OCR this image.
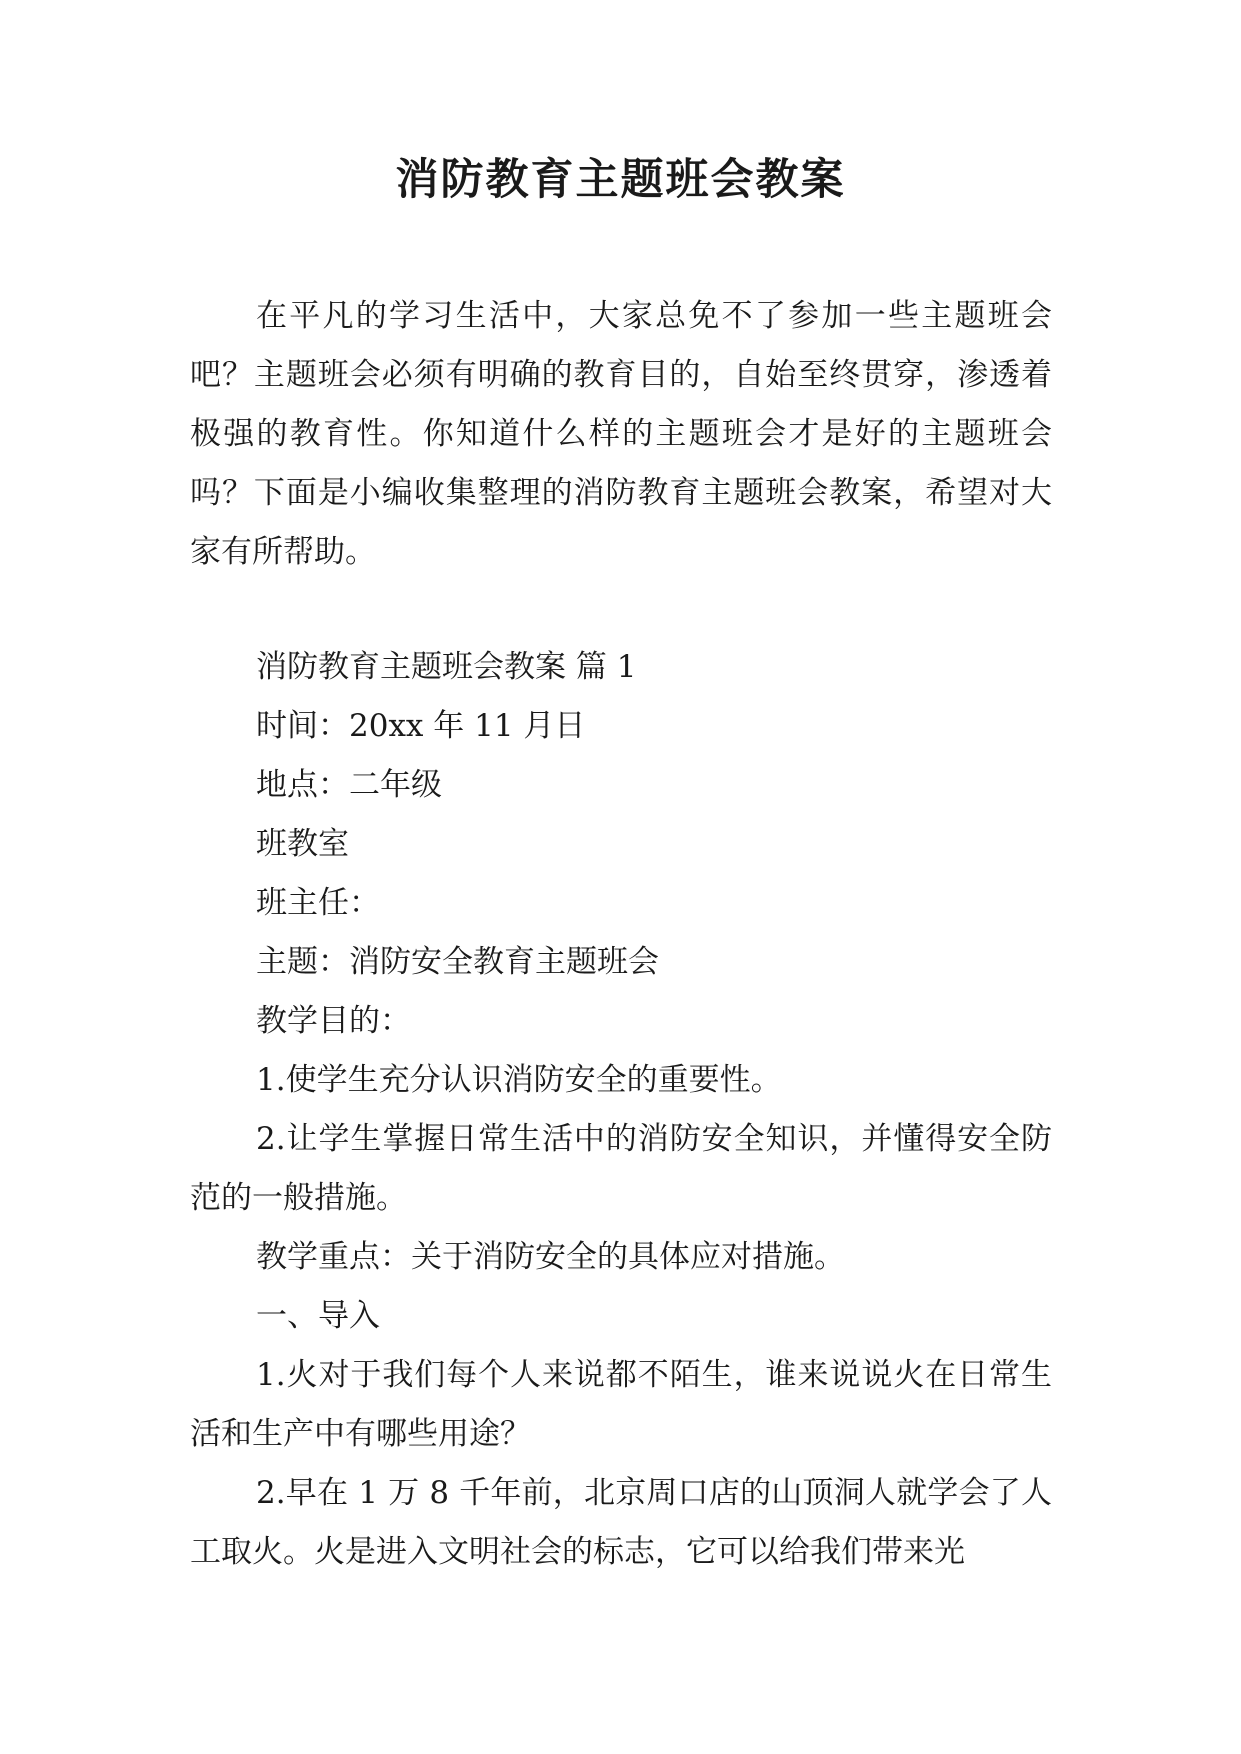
消防教育主题班会教案

在平凡的学习生活中，大家总免不了参加一些主题班会吧？主题班会必须有明确的教育目的，自始至终贯穿，渗透着极强的教育性。你知道什么样的主题班会才是好的主题班会吗？下面是小编收集整理的消防教育主题班会教案，希望对大家有所帮助。

消防教育主题班会教案 篇 1

时间：20xx 年 11 月日

地点：二年级

班教室

班主任：

主题：消防安全教育主题班会

教学目的：

1.使学生充分认识消防安全的重要性。

2.让学生掌握日常生活中的消防安全知识，并懂得安全防范的一般措施。

教学重点：关于消防安全的具体应对措施。

一、导入

1.火对于我们每个人来说都不陌生，谁来说说火在日常生活和生产中有哪些用途？

2.早在 1 万 8 千年前，北京周口店的山顶洞人就学会了人工取火。火是进入文明社会的标志，它可以给我们带来光
